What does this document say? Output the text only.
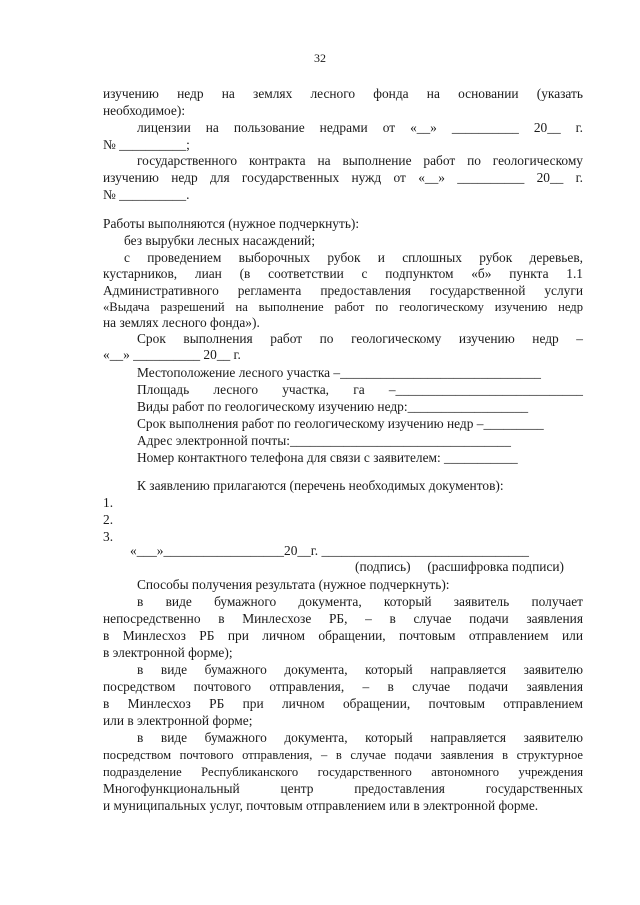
32
изучению недр на землях лесного фонда на основании (указать
необходимое):
лицензии на пользование недрами от «__» __________ 20__ г.
№ __________;
государственного контракта на выполнение работ по геологическому
изучению недр для государственных нужд от «__» __________ 20__ г.
№ __________.
Работы выполняются (нужное подчеркнуть):
без вырубки лесных насаждений;
с проведением выборочных рубок и сплошных рубок деревьев,
кустарников, лиан (в соответствии с подпунктом «б» пункта 1.1
Административного регламента предоставления государственной услуги
«Выдача разрешений на выполнение работ по геологическому изучению недр
на землях лесного фонда»).
Срок выполнения работ по геологическому изучению недр –
«__» __________ 20__ г.
Местоположение лесного участка –______________________________
Площадь лесного участка, га –____________________________
Виды работ по геологическому изучению недр:__________________
Срок выполнения работ по геологическому изучению недр –_________
Адрес электронной почты:_________________________________
Номер контактного телефона для связи с заявителем: ___________
К заявлению прилагаются (перечень необходимых документов):
1.
2.
3.
«___»__________________20__г. _______________________________
(подпись)     (расшифровка подписи)
Способы получения результата (нужное подчеркнуть):
в виде бумажного документа, который заявитель получает
непосредственно в Минлесхозе РБ, – в случае подачи заявления
в Минлесхоз РБ при личном обращении, почтовым отправлением или
в электронной форме);
в виде бумажного документа, который направляется заявителю
посредством почтового отправления, – в случае подачи заявления
в Минлесхоз РБ при личном обращении, почтовым отправлением
или в электронной форме;
в виде бумажного документа, который направляется заявителю
посредством почтового отправления, – в случае подачи заявления в структурное
подразделение Республиканского государственного автономного учреждения
Многофункциональный центр предоставления государственных
и муниципальных услуг, почтовым отправлением или в электронной форме.
